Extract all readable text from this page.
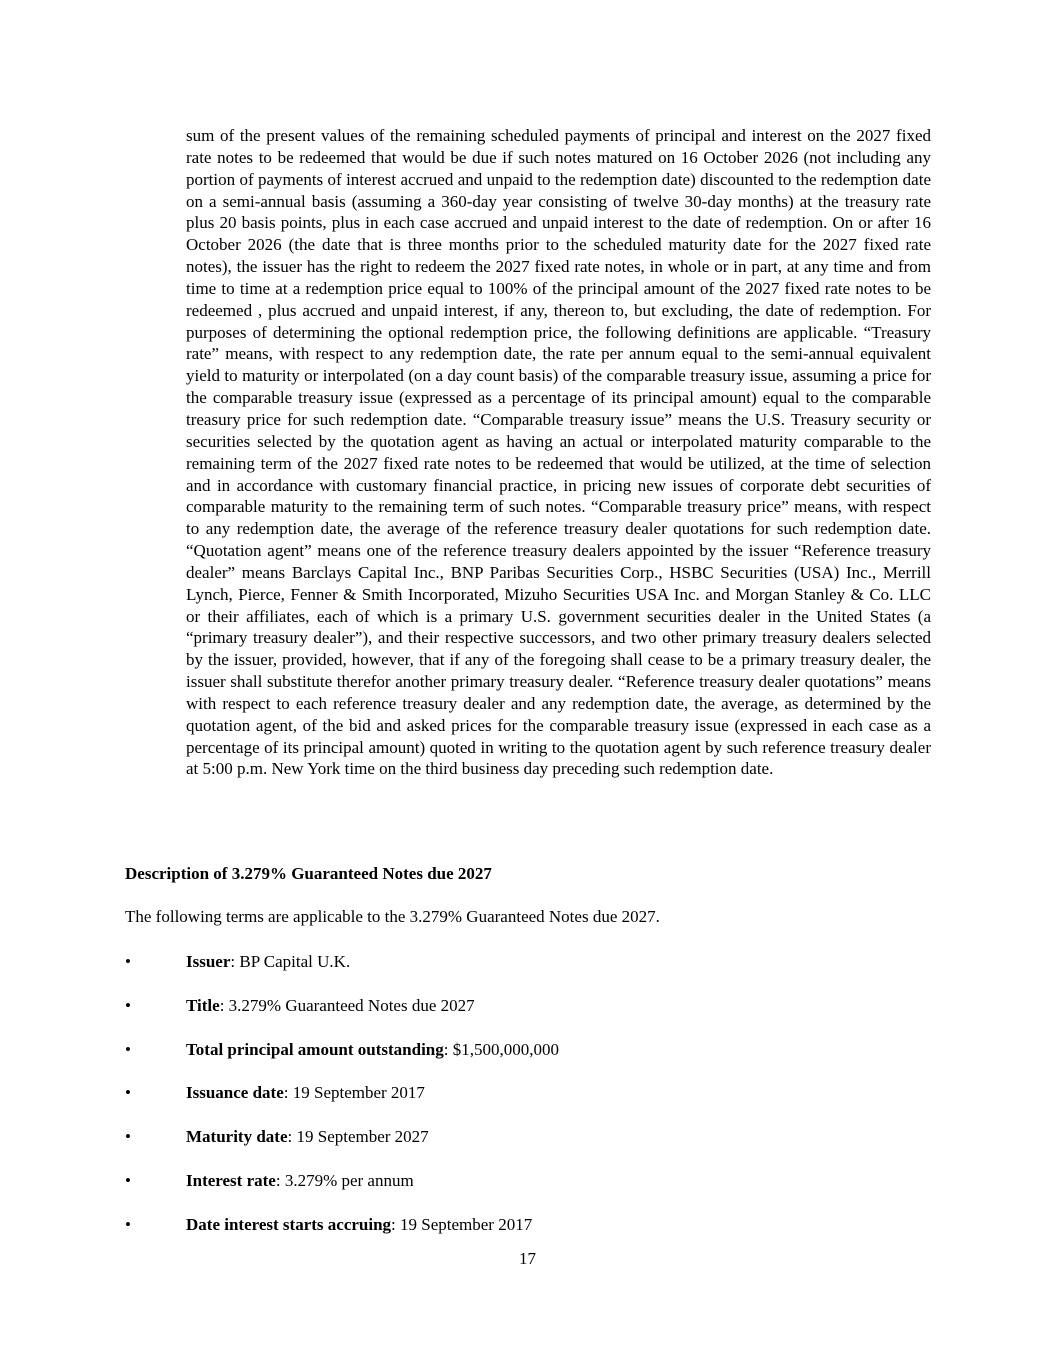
sum of the present values of the remaining scheduled payments of principal and interest on the 2027 fixed rate notes to be redeemed that would be due if such notes matured on 16 October 2026 (not including any portion of payments of interest accrued and unpaid to the redemption date) discounted to the redemption date on a semi-annual basis (assuming a 360-day year consisting of twelve 30-day months) at the treasury rate plus 20 basis points, plus in each case accrued and unpaid interest to the date of redemption. On or after 16 October 2026 (the date that is three months prior to the scheduled maturity date for the 2027 fixed rate notes), the issuer has the right to redeem the 2027 fixed rate notes, in whole or in part, at any time and from time to time at a redemption price equal to 100% of the principal amount of the 2027 fixed rate notes to be redeemed , plus accrued and unpaid interest, if any, thereon to, but excluding, the date of redemption. For purposes of determining the optional redemption price, the following definitions are applicable. “Treasury rate” means, with respect to any redemption date, the rate per annum equal to the semi-annual equivalent yield to maturity or interpolated (on a day count basis) of the comparable treasury issue, assuming a price for the comparable treasury issue (expressed as a percentage of its principal amount) equal to the comparable treasury price for such redemption date. “Comparable treasury issue” means the U.S. Treasury security or securities selected by the quotation agent as having an actual or interpolated maturity comparable to the remaining term of the 2027 fixed rate notes to be redeemed that would be utilized, at the time of selection and in accordance with customary financial practice, in pricing new issues of corporate debt securities of comparable maturity to the remaining term of such notes. “Comparable treasury price” means, with respect to any redemption date, the average of the reference treasury dealer quotations for such redemption date. “Quotation agent” means one of the reference treasury dealers appointed by the issuer “Reference treasury dealer” means Barclays Capital Inc., BNP Paribas Securities Corp., HSBC Securities (USA) Inc., Merrill Lynch, Pierce, Fenner & Smith Incorporated, Mizuho Securities USA Inc. and Morgan Stanley & Co. LLC or their affiliates, each of which is a primary U.S. government securities dealer in the United States (a “primary treasury dealer”), and their respective successors, and two other primary treasury dealers selected by the issuer, provided, however, that if any of the foregoing shall cease to be a primary treasury dealer, the issuer shall substitute therefor another primary treasury dealer. “Reference treasury dealer quotations” means with respect to each reference treasury dealer and any redemption date, the average, as determined by the quotation agent, of the bid and asked prices for the comparable treasury issue (expressed in each case as a percentage of its principal amount) quoted in writing to the quotation agent by such reference treasury dealer at 5:00 p.m. New York time on the third business day preceding such redemption date.

Description of 3.279% Guaranteed Notes due 2027

The following terms are applicable to the 3.279% Guaranteed Notes due 2027.

•	Issuer: BP Capital U.K.
•	Title: 3.279% Guaranteed Notes due 2027
•	Total principal amount outstanding: $1,500,000,000
•	Issuance date: 19 September 2017
•	Maturity date: 19 September 2027
•	Interest rate: 3.279% per annum
•	Date interest starts accruing: 19 September 2017

17
